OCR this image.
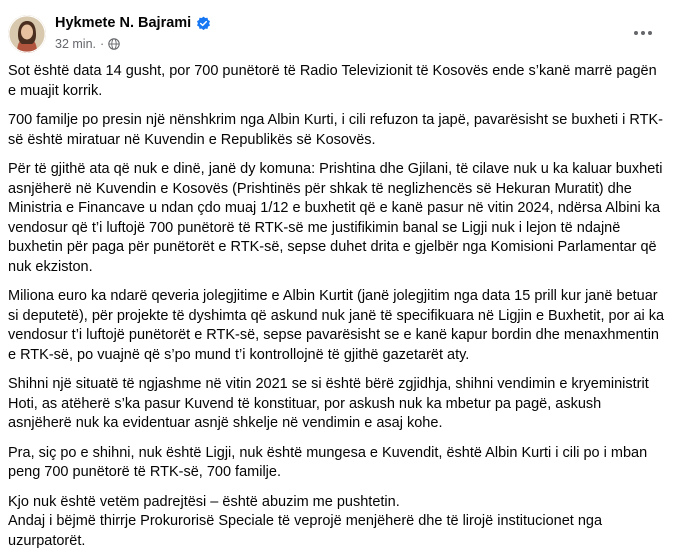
Hykmete N. Bajrami
32 min. ·

Sot është data 14 gusht, por 700 punëtorë të Radio Televizionit të Kosovës ende s’kanë marrë pagën e muajit korrik.

700 familje po presin një nënshkrim nga Albin Kurti, i cili refuzon ta japë, pavarësisht se buxheti i RTK-së është miratuar në Kuvendin e Republikës së Kosovës.

Për të gjithë ata që nuk e dinë, janë dy komuna: Prishtina dhe Gjilani, të cilave nuk u ka kaluar buxheti asnjëherë në Kuvendin e Kosovës (Prishtinës për shkak të neglizhencës së Hekuran Muratit) dhe Ministria e Financave u ndan çdo muaj 1/12 e buxhetit që e kanë pasur në vitin 2024, ndërsa Albini ka vendosur që t’i luftojë 700 punëtorë të RTK-së me justifikimin banal se Ligji nuk i lejon të ndajnë buxhetin për paga për punëtorët e RTK-së, sepse duhet drita e gjelbër nga Komisioni Parlamentar që nuk ekziston.

Miliona euro ka ndarë qeveria jolegjitime e Albin Kurtit (janë jolegjitim nga data 15 prill kur janë betuar si deputetë), për projekte të dyshimta që askund nuk janë të specifikuara në Ligjin e Buxhetit, por ai ka vendosur t’i luftojë punëtorët e RTK-së, sepse pavarësisht se e kanë kapur bordin dhe menaxhmentin e RTK-së, po vuajnë që s’po mund t’i kontrollojnë të gjithë gazetarët aty.

Shihni një situatë të ngjashme në vitin 2021 se si është bërë zgjidhja, shihni vendimin e kryeministrit Hoti, as atëherë s’ka pasur Kuvend të konstituar, por askush nuk ka mbetur pa pagë, askush asnjëherë nuk ka evidentuar asnjë shkelje në vendimin e asaj kohe.

Pra, siç po e shihni, nuk është Ligji, nuk është mungesa e Kuvendit, është Albin Kurti i cili po i mban peng 700 punëtorë të RTK-së, 700 familje.

Kjo nuk është vetëm padrejtësi – është abuzim me pushtetin.

Andaj i bëjmë thirrje Prokurorisë Speciale të veprojë menjëherë dhe të lirojë institucionet nga uzurpatorët.
